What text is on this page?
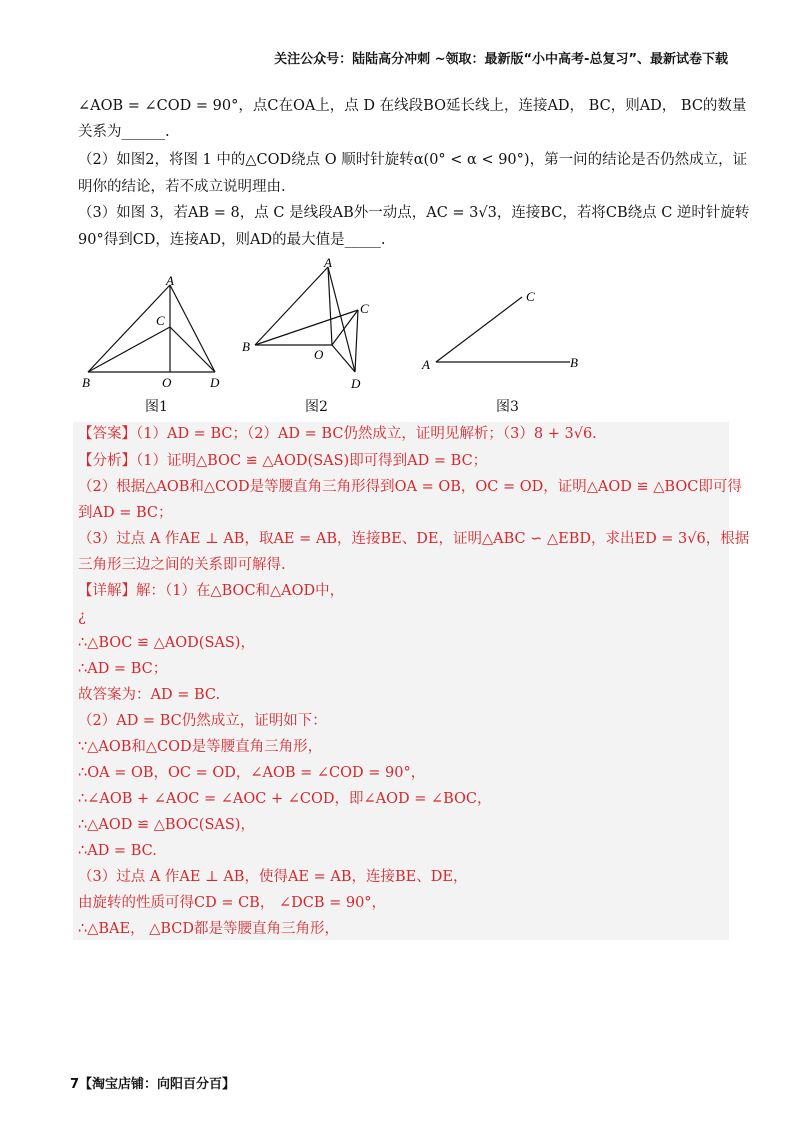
关注公众号：陆陆高分冲刺 ~领取：最新版“小中高考-总复习”、最新试卷下载
∠AOB = ∠COD = 90°，点C在OA上，点 D 在线段BO延长线上，连接AD， BC，则AD， BC的数量
关系为______.
（2）如图2，将图 1 中的△COD绕点 O 顺时针旋转α(0° < α < 90°)，第一问的结论是否仍然成立，证
明你的结论，若不成立说明理由.
（3）如图 3，若AB = 8，点 C 是线段AB外一动点，AC = 3√3，连接BC，若将CB绕点 C 逆时针旋转
90°得到CD，连接AD，则AD的最大值是_____.
A
C
B	O	D
A
C
B
O
D
A	B
C
图1	图2	图3
【答案】（1）AD = BC；（2）AD = BC仍然成立，证明见解析；（3）8 + 3√6.
【分析】（1）证明△BOC ≌ △AOD(SAS)即可得到AD = BC；
（2）根据△AOB和△COD是等腰直角三角形得到OA = OB，OC = OD，证明△AOD ≌ △BOC即可得
到AD = BC；
（3）过点 A 作AE ⊥ AB，取AE = AB，连接BE、DE，证明△ABC ∽ △EBD，求出ED = 3√6，根据
三角形三边之间的关系即可解得.
【详解】解：（1）在△BOC和△AOD中，
¿
∴△BOC ≌ △AOD(SAS)，
∴AD = BC；
故答案为：AD = BC.
（2）AD = BC仍然成立，证明如下：
∵△AOB和△COD是等腰直角三角形，
∴OA = OB，OC = OD，∠AOB = ∠COD = 90°，
∴∠AOB + ∠AOC = ∠AOC + ∠COD，即∠AOD = ∠BOC，
∴△AOD ≌ △BOC(SAS)，
∴AD = BC.
（3）过点 A 作AE ⊥ AB，使得AE = AB，连接BE、DE，
由旋转的性质可得CD = CB， ∠DCB = 90°，
∴△BAE， △BCD都是等腰直角三角形，
7【淘宝店铺：向阳百分百】
